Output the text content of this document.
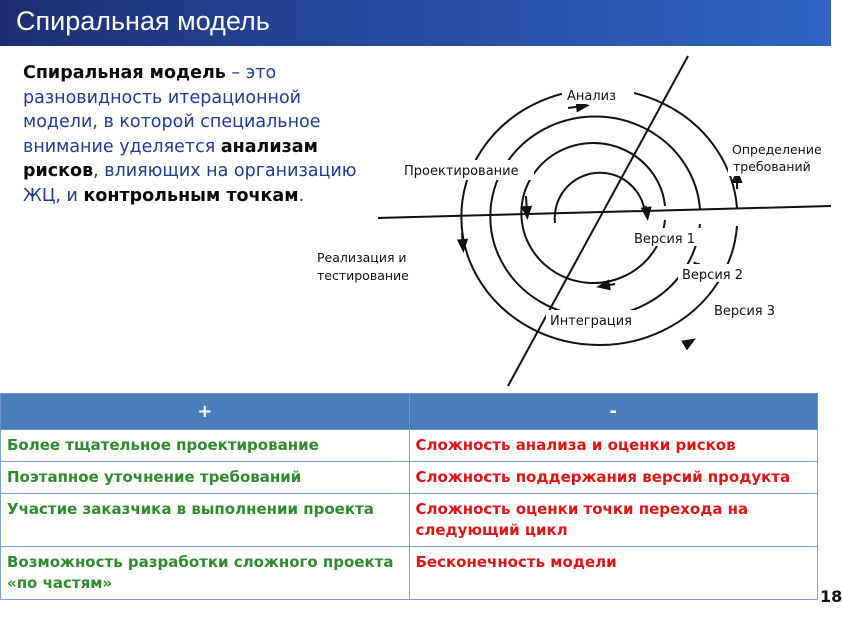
Спиральная модель
Спиральная модель – это разновидность итерационной модели, в которой специальное внимание уделяется анализам рисков, влияющих на организацию ЖЦ, и контрольным точкам.
Анализ
Проектирование
Определение
требований
Реализация и
тестирование
Версия 1
Версия 2
Версия 3
Интеграция
+	-
Более тщательное проектирование	Сложность анализа и оценки рисков
Поэтапное уточнение требований	Сложность поддержания версий продукта
Участие заказчика в выполнении проекта	Сложность оценки точки перехода на следующий цикл
Возможность разработки сложного проекта «по частям»	Бесконечность модели
18
